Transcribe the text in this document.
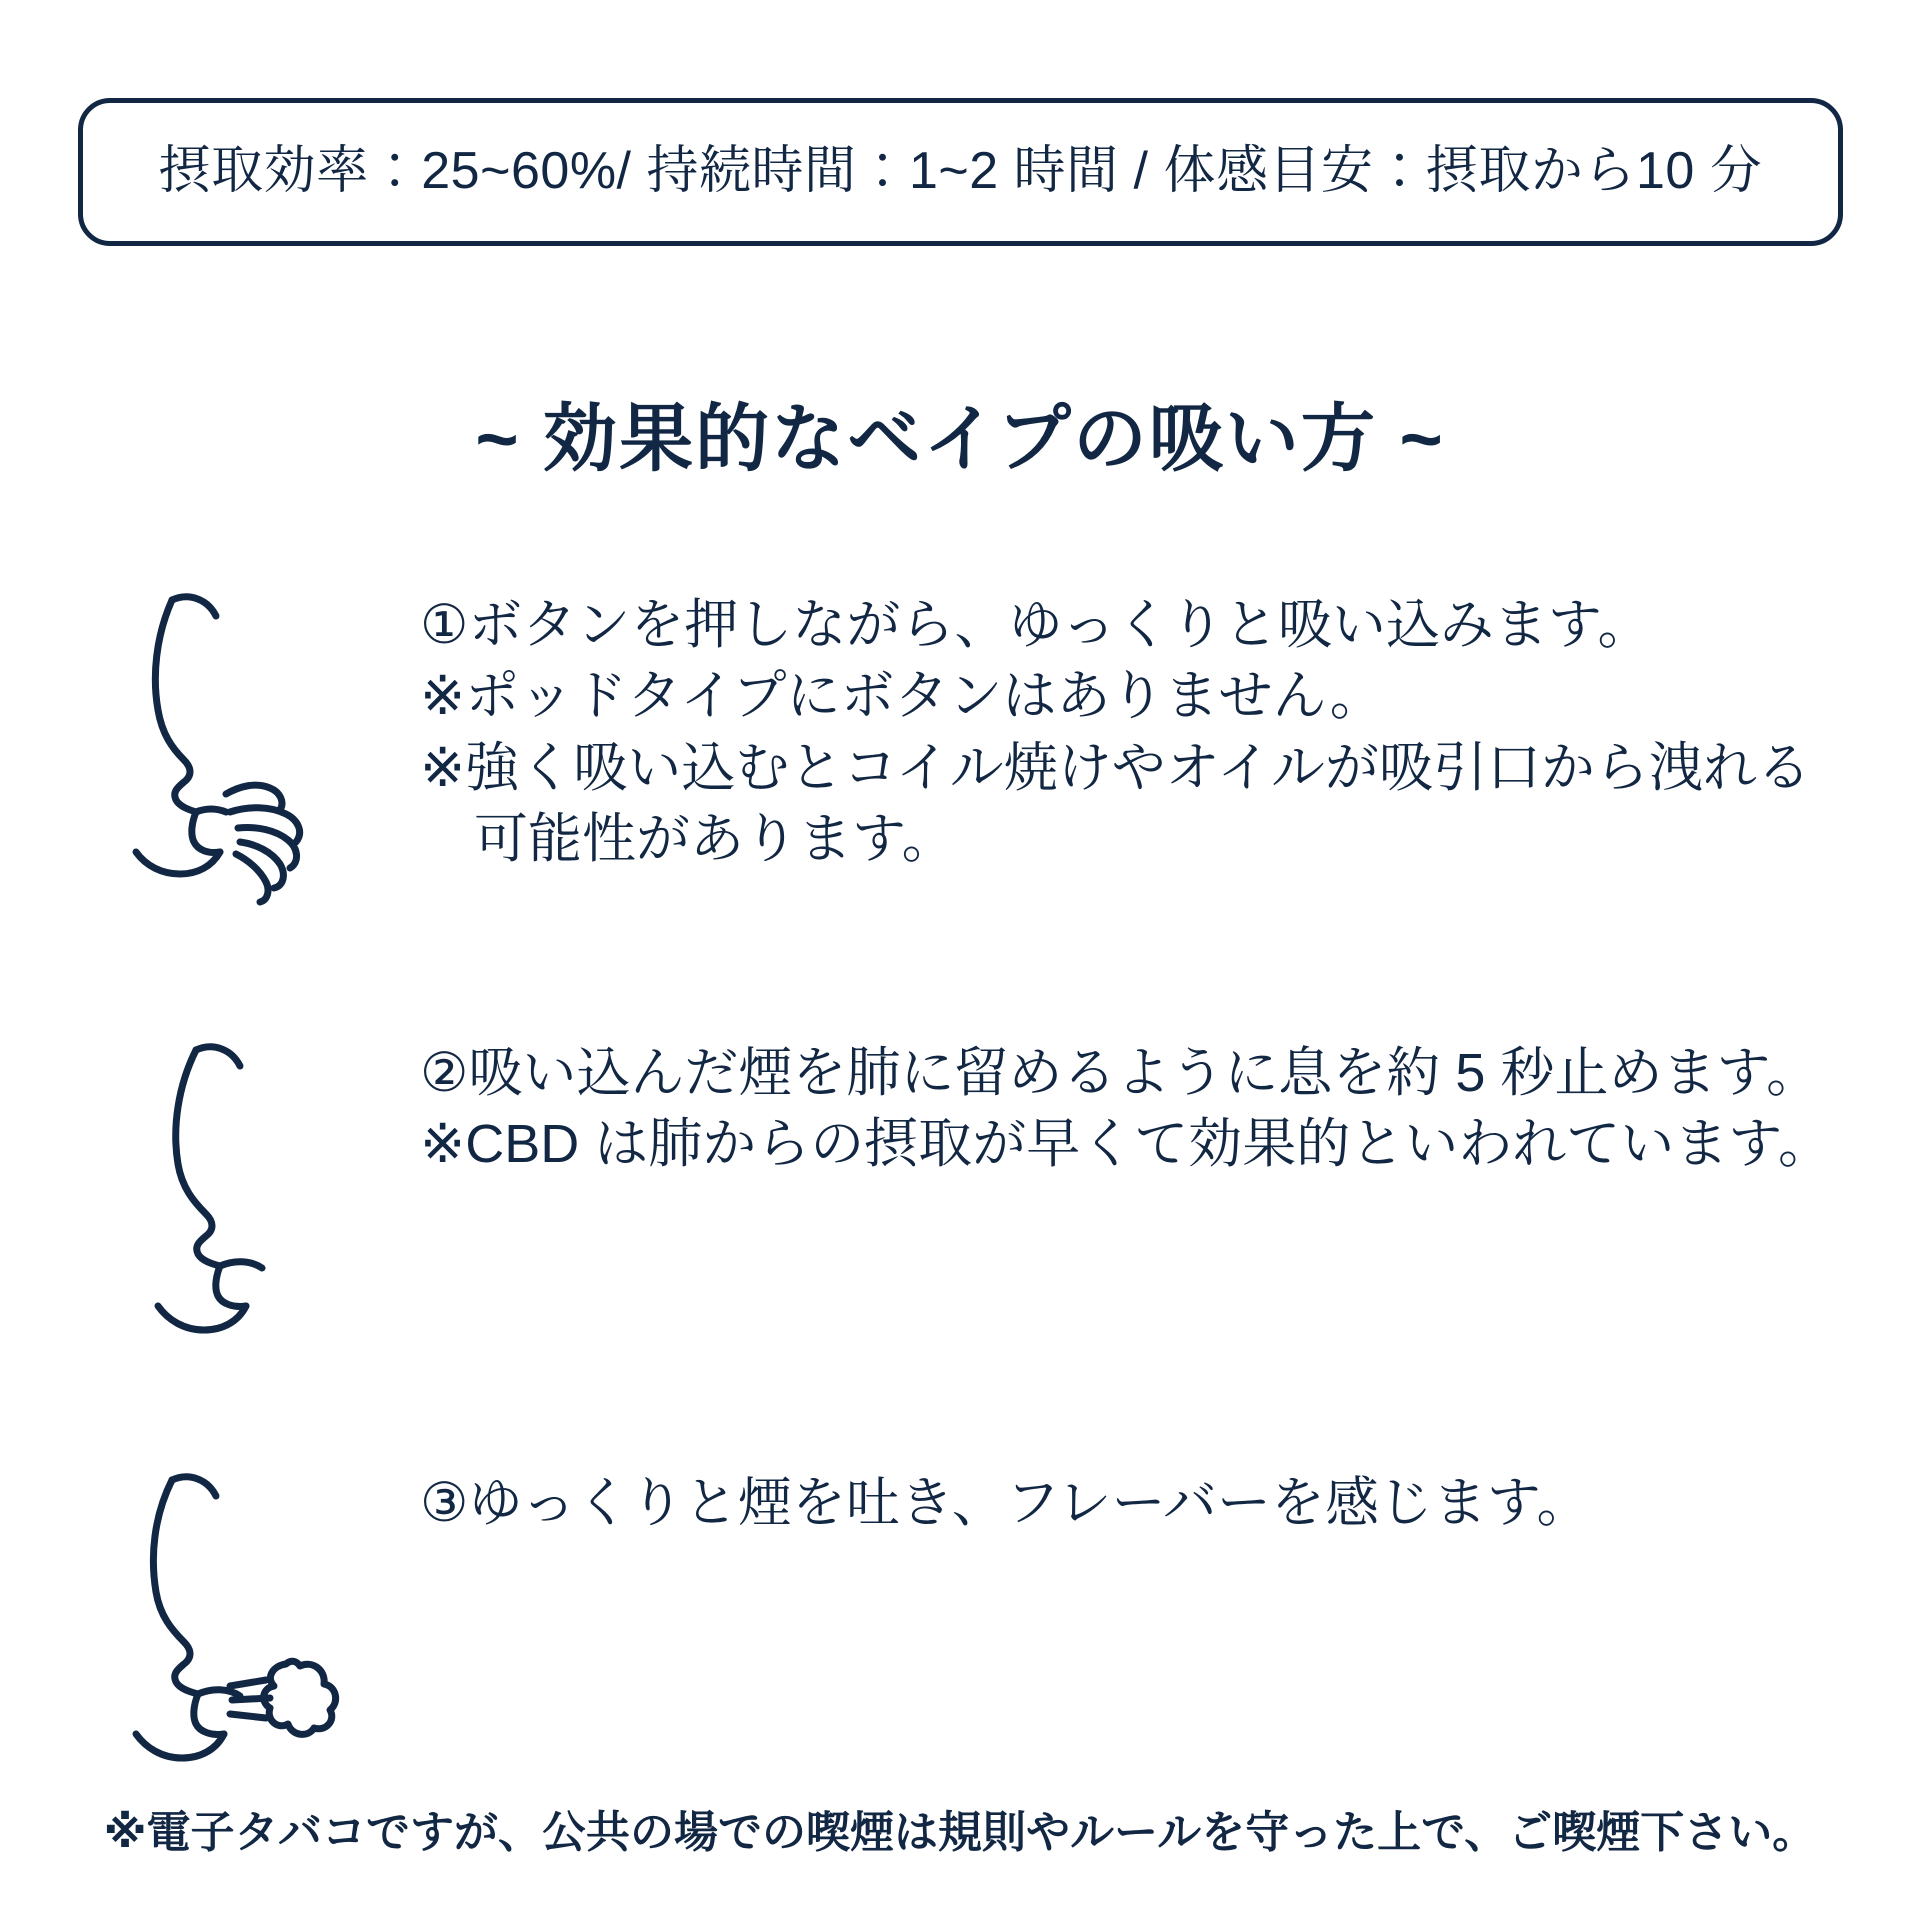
摂取効率：25~60%/ 持続時間：1~2 時間 / 体感目安：摂取から10 分
~ 効果的なベイプの吸い方 ~
①ボタンを押しながら、ゆっくりと吸い込みます。
※ポッドタイプにボタンはありません。
※強く吸い込むとコイル焼けやオイルが吸引口から洩れる可能性があります。
②吸い込んだ煙を肺に留めるように息を約 5 秒止めます。
※CBD は肺からの摂取が早くて効果的といわれています。
③ゆっくりと煙を吐き、フレーバーを感じます。
※電子タバコですが、公共の場での喫煙は規則やルールを守った上で、ご喫煙下さい。
